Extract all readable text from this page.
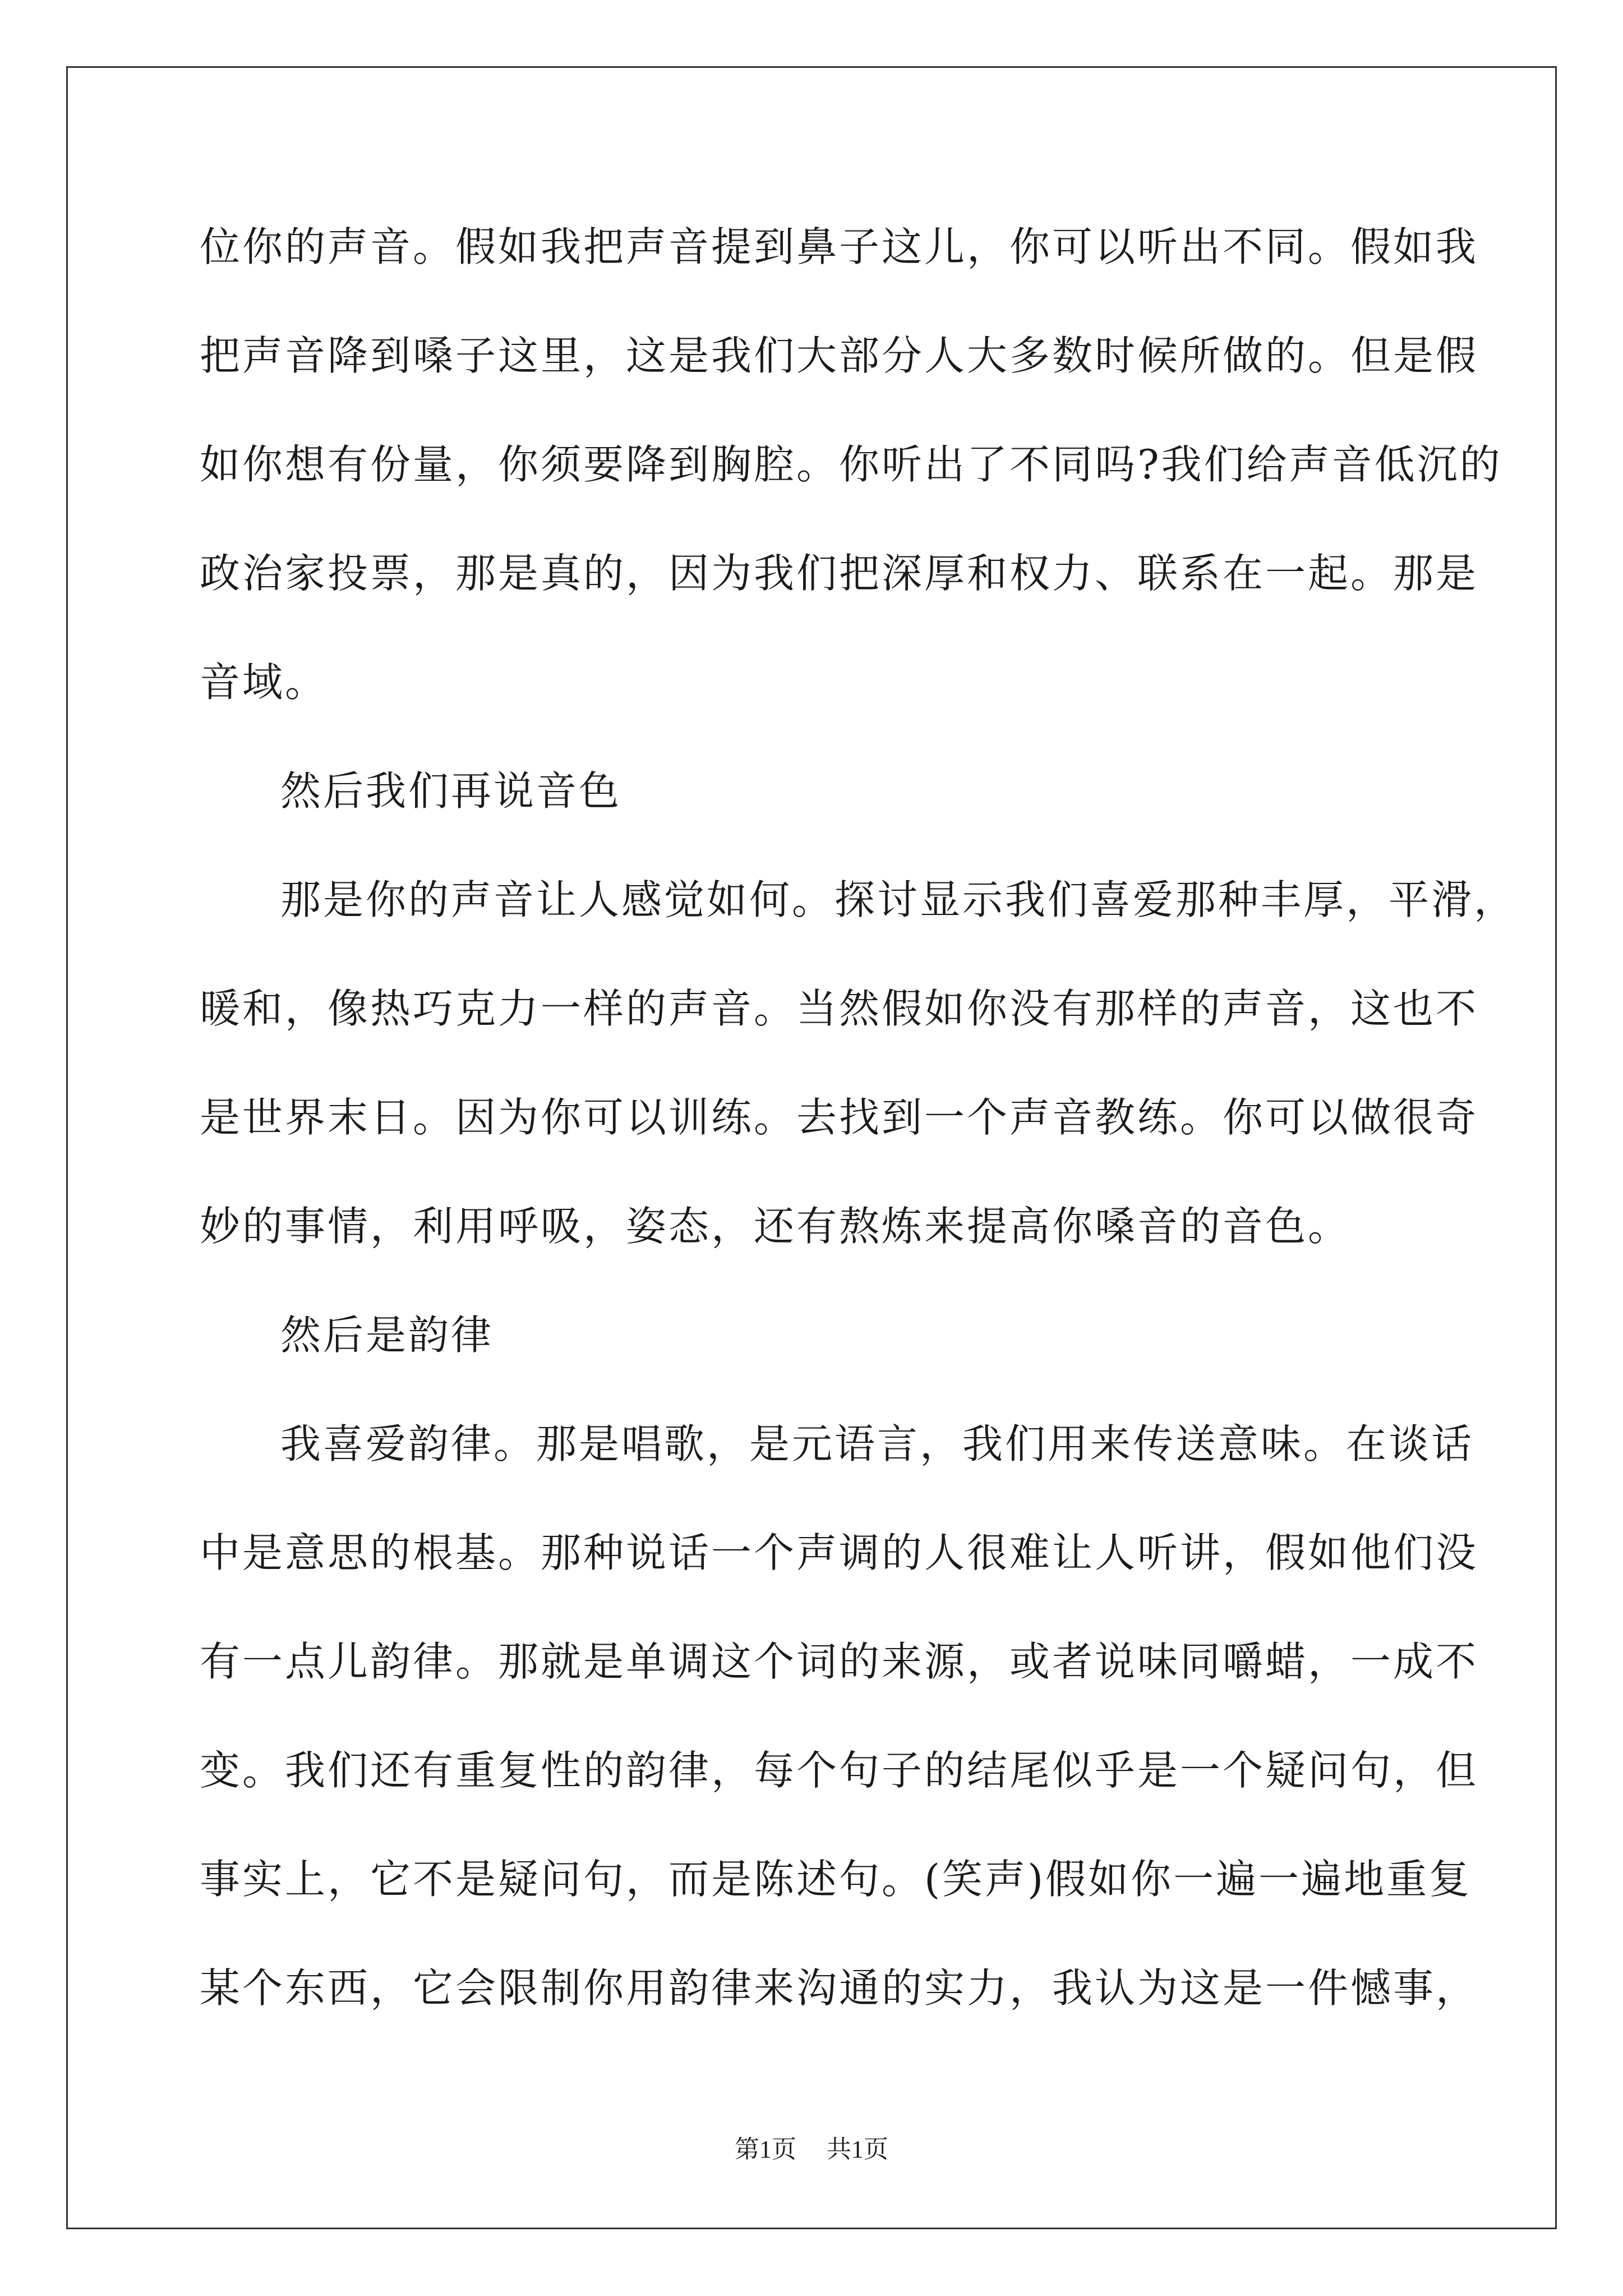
位你的声音。假如我把声音提到鼻子这儿，你可以听出不同。假如我
把声音降到嗓子这里，这是我们大部分人大多数时候所做的。但是假
如你想有份量，你须要降到胸腔。你听出了不同吗?我们给声音低沉的
政治家投票，那是真的，因为我们把深厚和权力、联系在一起。那是
音域。
然后我们再说音色
那是你的声音让人感觉如何。探讨显示我们喜爱那种丰厚，平滑，
暖和，像热巧克力一样的声音。当然假如你没有那样的声音，这也不
是世界末日。因为你可以训练。去找到一个声音教练。你可以做很奇
妙的事情，利用呼吸，姿态，还有熬炼来提高你嗓音的音色。
然后是韵律
我喜爱韵律。那是唱歌，是元语言，我们用来传送意味。在谈话
中是意思的根基。那种说话一个声调的人很难让人听讲，假如他们没
有一点儿韵律。那就是单调这个词的来源，或者说味同嚼蜡，一成不
变。我们还有重复性的韵律，每个句子的结尾似乎是一个疑问句，但
事实上，它不是疑问句，而是陈述句。(笑声)假如你一遍一遍地重复
某个东西，它会限制你用韵律来沟通的实力，我认为这是一件憾事，
第1页 共1页
